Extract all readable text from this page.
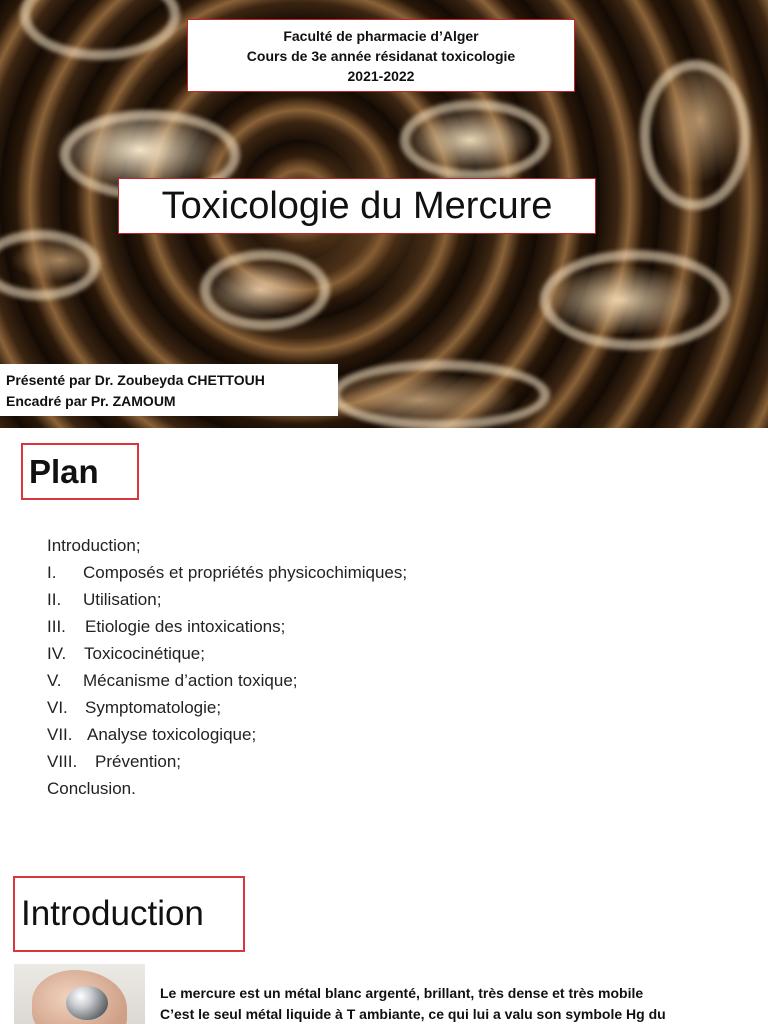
Faculté de pharmacie d’Alger
Cours de 3e année résidanat toxicologie
2021-2022
Toxicologie du Mercure
Présenté par Dr. Zoubeyda CHETTOUH
Encadré par Pr. ZAMOUM
Plan
Introduction;
I. Composés et propriétés physicochimiques;
II. Utilisation;
III. Etiologie des intoxications;
IV. Toxicocinétique;
V. Mécanisme d’action toxique;
VI. Symptomatologie;
VII. Analyse toxicologique;
VIII. Prévention;
Conclusion.
Introduction
Le mercure est un métal blanc argenté, brillant, très dense et très mobile
C’est le seul métal liquide à T ambiante, ce qui lui a valu son symbole Hg du
